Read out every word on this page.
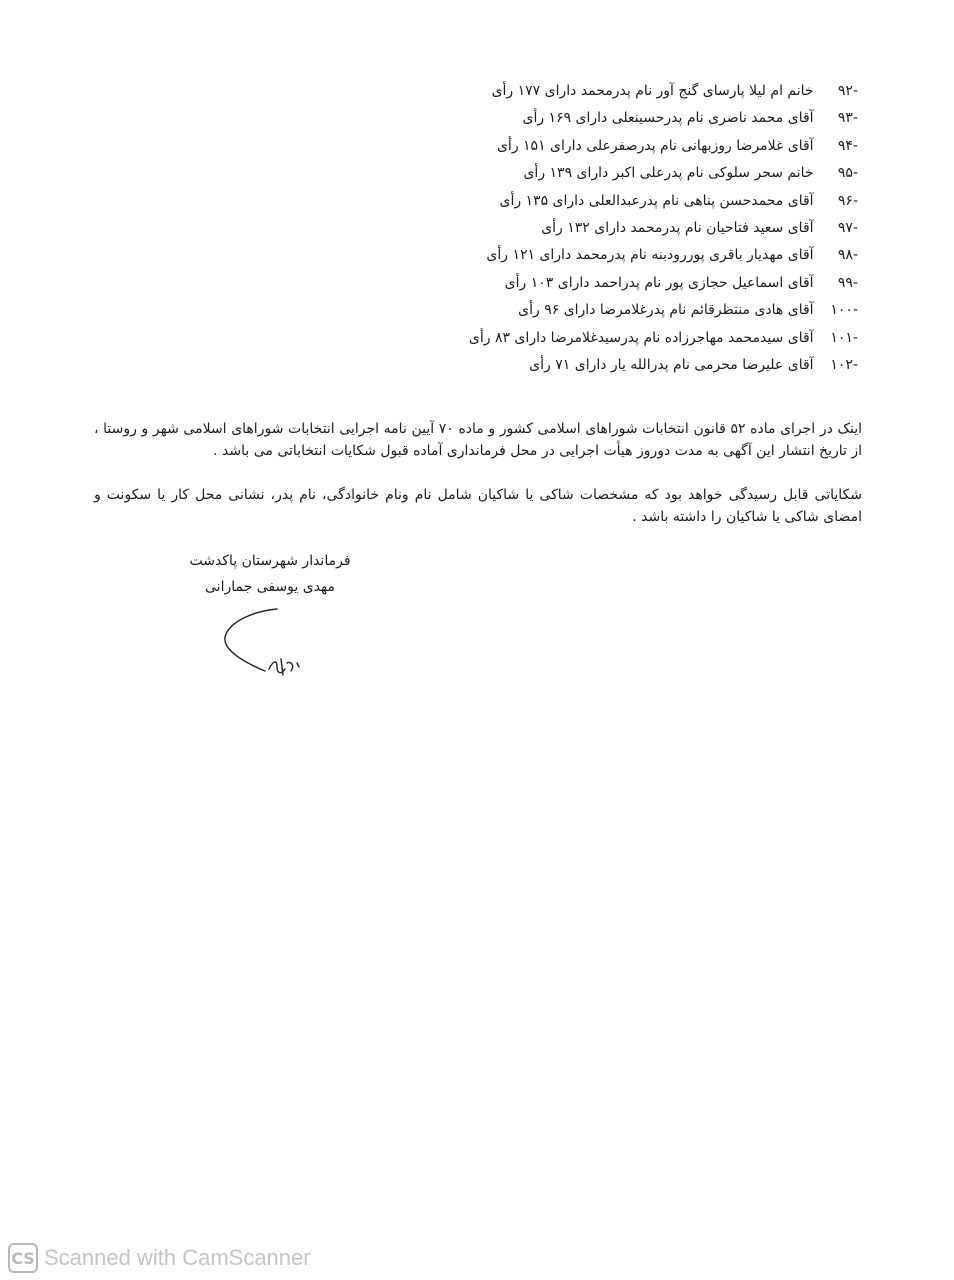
-۹۲ خانم ام لیلا پارسای گنج آور نام پدرمحمد دارای ۱۷۷ رأی
-۹۳ آقای محمد ناصری نام پدرحسینعلی دارای ۱۶۹ رأی
-۹۴ آقای غلامرضا روزبهانی نام پدرصفرعلی دارای ۱۵۱ رأی
-۹۵ خانم سحر سلوکی نام پدرعلی اکبر دارای ۱۳۹ رأی
-۹۶ آقای محمدحسن پناهی نام پدرعبدالعلی دارای ۱۳۵ رأی
-۹۷ آقای سعید فتاحیان نام پدرمحمد دارای ۱۳۲ رأی
-۹۸ آقای مهدیار باقری پوررودبنه نام پدرمحمد دارای ۱۲۱ رأی
-۹۹ آقای اسماعیل حجازی پور نام پدراحمد دارای ۱۰۳ رأی
-۱۰۰ آقای هادی منتظرقائم نام پدرغلامرضا دارای ۹۶ رأی
-۱۰۱ آقای سیدمحمد مهاجرزاده نام پدرسیدغلامرضا دارای ۸۳ رأی
-۱۰۲ آقای علیرضا محرمی نام پدرالله یار دارای ۷۱ رأی

اینک در اجرای ماده ۵۲ قانون انتخابات شوراهای اسلامی کشور و ماده ۷۰ آیین نامه اجرایی انتخابات شوراهای اسلامی شهر و روستا ، از تاریخ انتشار این آگهی به مدت دوروز هیأت اجرایی در محل فرمانداری آماده قبول شکایات انتخاباتی می باشد .

شکایاتی قابل رسیدگی خواهد بود که مشخصات شاکی یا شاکیان شامل نام ونام خانوادگی، نام پدر، نشانی محل کار یا سکونت و امضای شاکی یا شاکیان را داشته باشد .

فرماندار شهرستان پاکدشت
مهدی یوسفی جمارانی
CS Scanned with CamScanner
